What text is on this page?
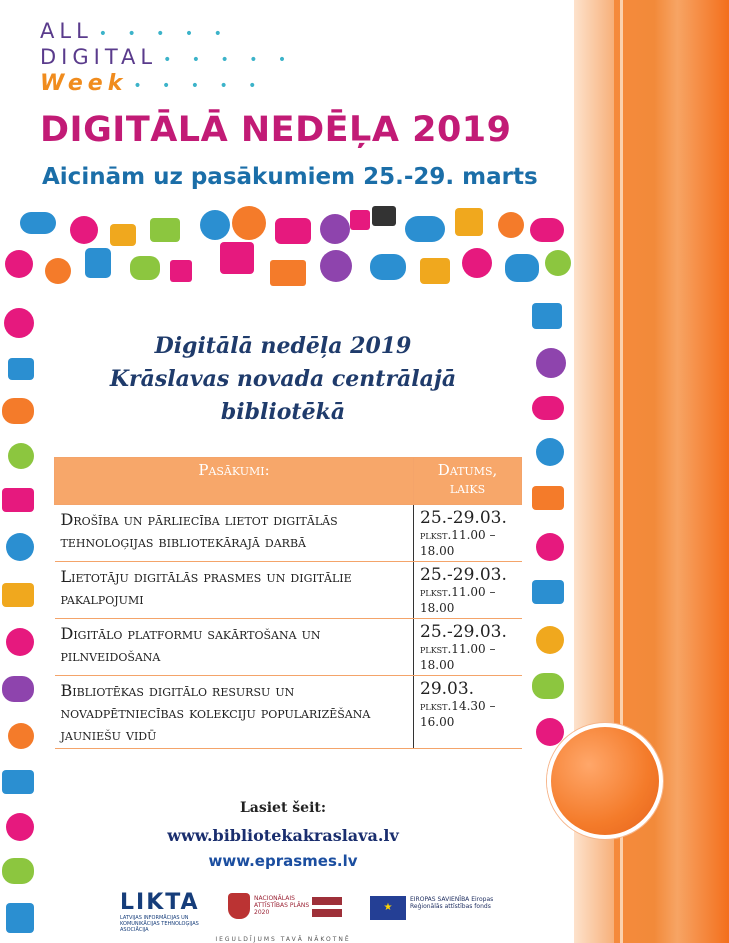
ALL • • • • •
DIGITAL • • • • •
Week • • • • •
DIGITĀLĀ NEDĒĻA 2019
Aicinām uz pasākumiem 25.-29. marts
Digitālā nedēļa 2019
Krāslavas novada centrālajā
bibliotēkā
Pasākumi:	Datums, laiks
Drošība un pārliecība lietot digitālās tehnoloģijas bibliotekārajā darbā	25.-29.03.
plkst.11.00 – 18.00

Lietotāju digitālās prasmes un digitālie pakalpojumi	25.-29.03.
plkst.11.00 – 18.00

Digitālo platformu sakārtošana un pilnveidošana	25.-29.03.
plkst.11.00 – 18.00

Bibliotēkas digitālo resursu un novadpētniecības kolekciju popularizēšana jauniešu vidū	29.03.
plkst.14.30 – 16.00
Lasiet šeit:
www.bibliotekakraslava.lv
www.eprasmes.lv
LIKTA
LATVIJAS INFORMĀCIJAS UN KOMUNIKĀCIJAS TEHNOLOĢIJAS ASOCIĀCIJA
NACIONĀLAIS ATTĪSTĪBAS PLĀNS 2020	★
EIROPAS SAVIENĪBA Eiropas Reģionālās attīstības fonds
IEGULDĪJUMS TAVĀ NĀKOTNĒ
